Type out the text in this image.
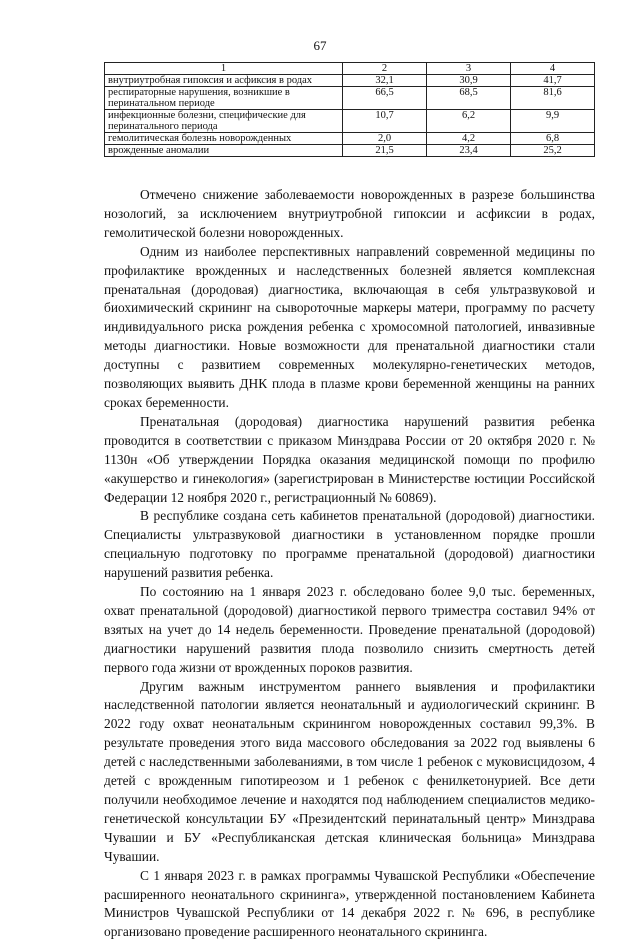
67
1	2	3	4
внутриутробная гипоксия и асфиксия в родах	32,1	30,9	41,7
респираторные нарушения, возникшие в перинатальном периоде	66,5	68,5	81,6
инфекционные болезни, специфические для перинатального периода	10,7	6,2	9,9
гемолитическая болезнь новорожденных	2,0	4,2	6,8
врожденные аномалии	21,5	23,4	25,2

Отмечено снижение заболеваемости новорожденных в разрезе большинства нозологий, за исключением внутриутробной гипоксии и асфиксии в родах, гемолитической болезни новорожденных.

Одним из наиболее перспективных направлений современной медицины по профилактике врожденных и наследственных болезней является комплексная пренатальная (дородовая) диагностика, включающая в себя ультразвуковой и биохимический скрининг на сывороточные маркеры матери, программу по расчету индивидуального риска рождения ребенка с хромосомной патологией, инвазивные методы диагностики. Новые возможности для пренатальной диагностики стали доступны с развитием современных молекулярно-генетических методов, позволяющих выявить ДНК плода в плазме крови беременной женщины на ранних сроках беременности.

Пренатальная (дородовая) диагностика нарушений развития ребенка проводится в соответствии с приказом Минздрава России от 20 октября 2020 г. № 1130н «Об утверждении Порядка оказания медицинской помощи по профилю «акушерство и гинекология» (зарегистрирован в Министерстве юстиции Российской Федерации 12 ноября 2020 г., регистрационный № 60869).

В республике создана сеть кабинетов пренатальной (дородовой) диагностики. Специалисты ультразвуковой диагностики в установленном порядке прошли специальную подготовку по программе пренатальной (дородовой) диагностики нарушений развития ребенка.

По состоянию на 1 января 2023 г. обследовано более 9,0 тыс. беременных, охват пренатальной (дородовой) диагностикой первого триместра составил 94% от взятых на учет до 14 недель беременности. Проведение пренатальной (дородовой) диагностики нарушений развития плода позволило снизить смертность детей первого года жизни от врожденных пороков развития.

Другим важным инструментом раннего выявления и профилактики наследственной патологии является неонатальный и аудиологический скрининг. В 2022 году охват неонатальным скринингом новорожденных составил 99,3%. В результате проведения этого вида массового обследования за 2022 год выявлены 6 детей с наследственными заболеваниями, в том числе 1 ребенок с муковисцидозом, 4 детей с врожденным гипотиреозом и 1 ребенок с фенилкетонурией. Все дети получили необходимое лечение и находятся под наблюдением специалистов медико-генетической консультации БУ «Президентский перинатальный центр» Минздрава Чувашии и БУ «Республиканская детская клиническая больница» Минздрава Чувашии.

С 1 января 2023 г. в рамках программы Чувашской Республики «Обеспечение расширенного неонатального скрининга», утвержденной постановлением Кабинета Министров Чувашской Республики от 14 декабря 2022 г. № 696, в республике организовано проведение расширенного неонатального скрининга.
